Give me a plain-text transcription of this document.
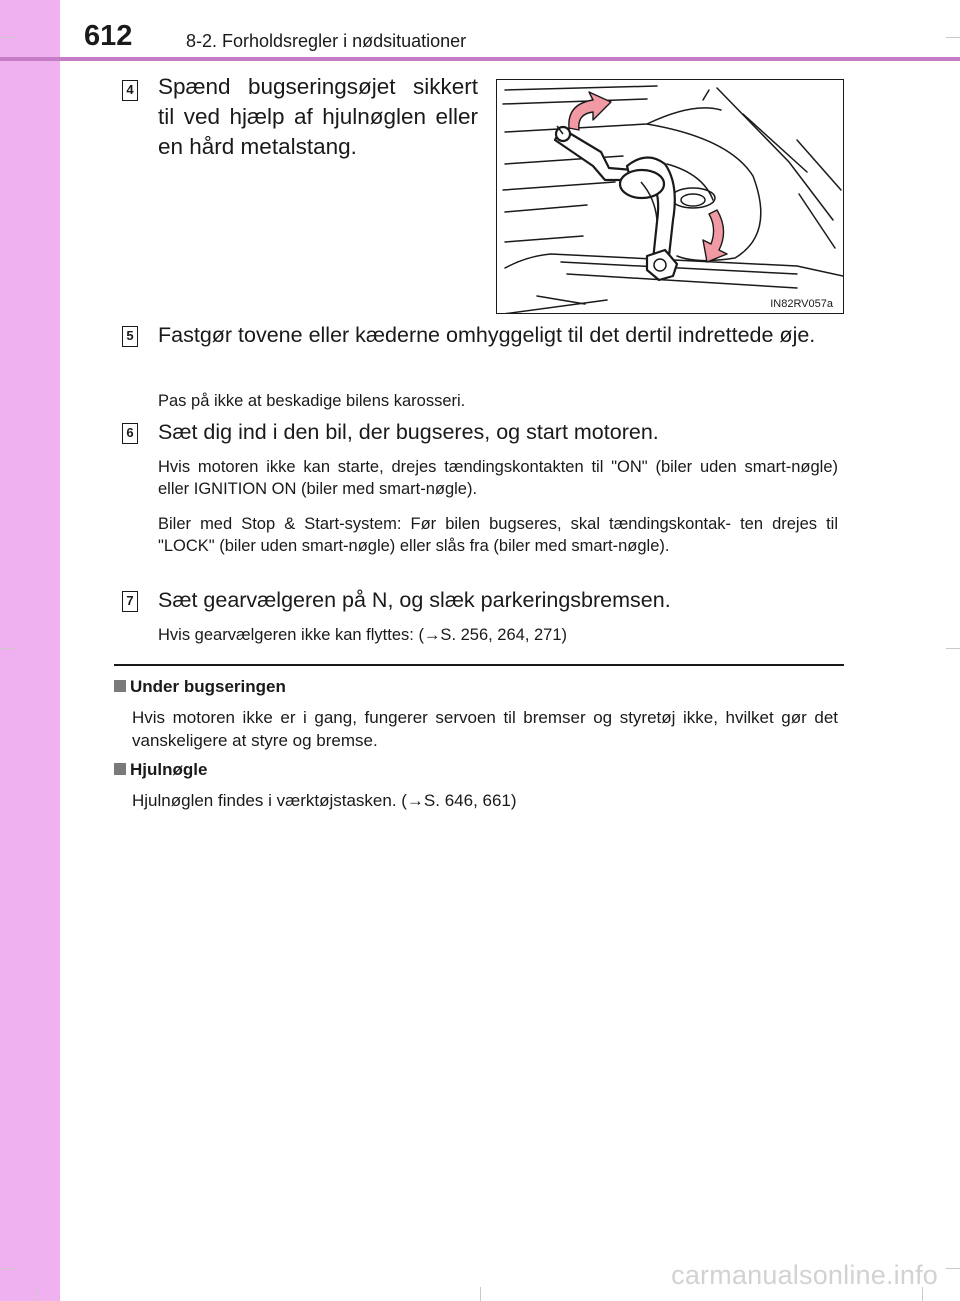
612	8-2. Forholdsregler i nødsituationer
4 Spænd bugseringsøjet sikkert til ved hjælp af hjulnøglen eller en hård metalstang.
IN82RV057a
5 Fastgør tovene eller kæderne omhyggeligt til det dertil indrettede øje.
Pas på ikke at beskadige bilens karosseri.
6 Sæt dig ind i den bil, der bugseres, og start motoren.
Hvis motoren ikke kan starte, drejes tændingskontakten til "ON" (biler uden smart-nøgle) eller IGNITION ON (biler med smart-nøgle).
Biler med Stop & Start-system: Før bilen bugseres, skal tændingskontak- ten drejes til "LOCK" (biler uden smart-nøgle) eller slås fra (biler med smart-nøgle).
7 Sæt gearvælgeren på N, og slæk parkeringsbremsen.
Hvis gearvælgeren ikke kan flyttes: (→S. 256, 264, 271)
Under bugseringen
Hvis motoren ikke er i gang, fungerer servoen til bremser og styretøj ikke, hvilket gør det vanskeligere at styre og bremse.
Hjulnøgle
Hjulnøglen findes i værktøjstasken. (→S. 646, 661)
carmanualsonline.info
